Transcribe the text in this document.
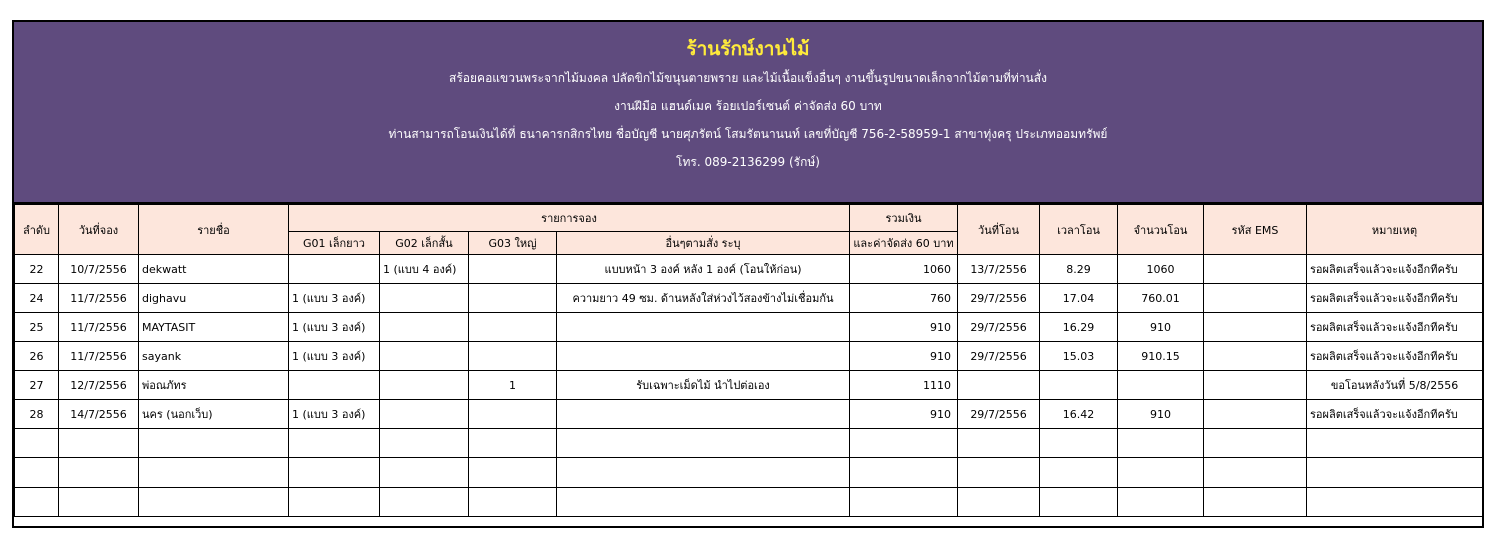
ร้านรักษ์งานไม้
สร้อยคอแขวนพระจากไม้มงคล ปลัดขิกไม้ขนุนตายพราย และไม้เนื้อแข็งอื่นๆ งานขึ้นรูปขนาดเล็กจากไม้ตามที่ท่านสั่ง
งานฝีมือ แฮนด์เมค ร้อยเปอร์เซนต์ ค่าจัดส่ง 60 บาท
ท่านสามารถโอนเงินได้ที่ ธนาคารกสิกรไทย ชื่อบัญชี นายศุภรัตน์ โสมรัตนานนท์ เลขที่บัญชี 756-2-58959-1 สาขาทุ่งครุ ประเภทออมทรัพย์
โทร. 089-2136299 (รักษ์)
ลำดับ	วันที่จอง	รายชื่อ	รายการจอง				รวมเงิน	วันที่โอน	เวลาโอน	จำนวนโอน	รหัส EMS	หมายเหตุ
			G01 เล็กยาว	G02 เล็กสั้น	G03 ใหญ่	อื่นๆตามสั่ง ระบุ	และค่าจัดส่ง 60 บาท					
22	10/7/2556	dekwatt		1 (แบบ 4 องค์)		แบบหน้า 3 องค์ หลัง 1 องค์ (โอนให้ก่อน)	1060	13/7/2556	8.29	1060		รอผลิตเสร็จแล้วจะแจ้งอีกทีครับ
24	11/7/2556	dighavu	1 (แบบ 3 องค์)			ความยาว 49 ซม. ด้านหลังใส่ห่วงไว้สองข้างไม่เชื่อมกัน	760	29/7/2556	17.04	760.01		รอผลิตเสร็จแล้วจะแจ้งอีกทีครับ
25	11/7/2556	MAYTASIT	1 (แบบ 3 องค์)				910	29/7/2556	16.29	910		รอผลิตเสร็จแล้วจะแจ้งอีกทีครับ
26	11/7/2556	sayank	1 (แบบ 3 องค์)				910	29/7/2556	15.03	910.15		รอผลิตเสร็จแล้วจะแจ้งอีกทีครับ
27	12/7/2556	พ่อณภัทร			1	รับเฉพาะเม็ดไม้ นำไปต่อเอง	1110					ขอโอนหลังวันที่ 5/8/2556
28	14/7/2556	นคร (นอกเว็บ)	1 (แบบ 3 องค์)				910	29/7/2556	16.42	910		รอผลิตเสร็จแล้วจะแจ้งอีกทีครับ
